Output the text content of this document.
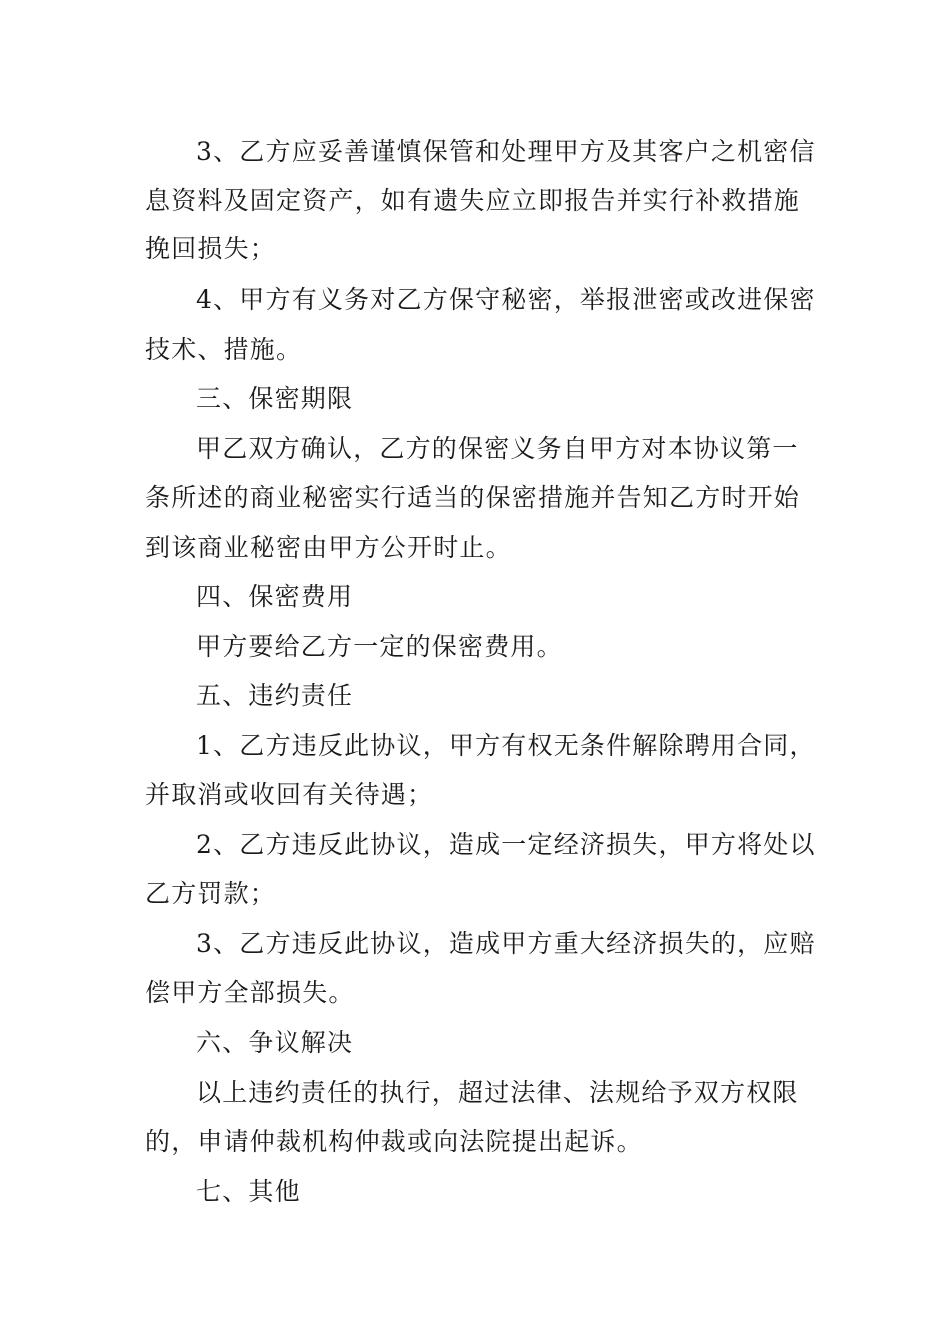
3、乙方应妥善谨慎保管和处理甲方及其客户之机密信
息资料及固定资产，如有遗失应立即报告并实行补救措施
挽回损失；
4、甲方有义务对乙方保守秘密，举报泄密或改进保密
技术、措施。
三、保密期限
甲乙双方确认，乙方的保密义务自甲方对本协议第一
条所述的商业秘密实行适当的保密措施并告知乙方时开始
到该商业秘密由甲方公开时止。
四、保密费用
甲方要给乙方一定的保密费用。
五、违约责任
1、乙方违反此协议，甲方有权无条件解除聘用合同，
并取消或收回有关待遇；
2、乙方违反此协议，造成一定经济损失，甲方将处以
乙方罚款；
3、乙方违反此协议，造成甲方重大经济损失的，应赔
偿甲方全部损失。
六、争议解决
以上违约责任的执行，超过法律、法规给予双方权限
的，申请仲裁机构仲裁或向法院提出起诉。
七、其他
